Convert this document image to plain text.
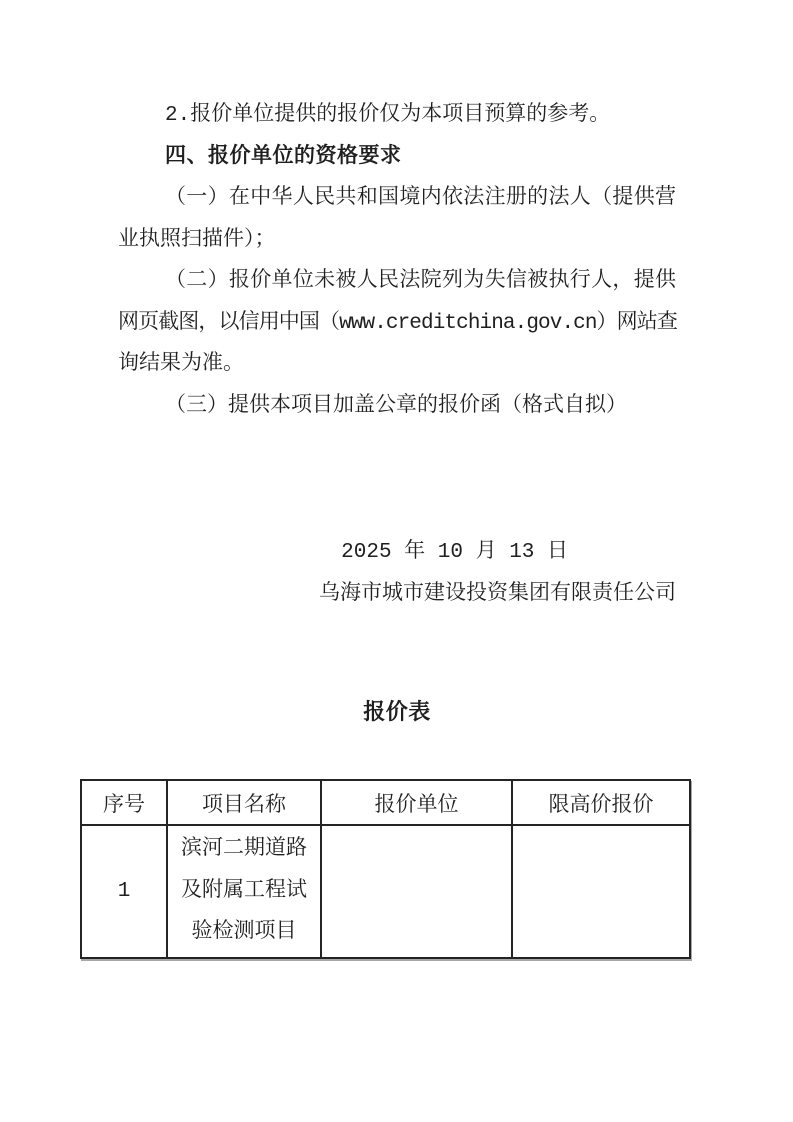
2.报价单位提供的报价仅为本项目预算的参考。
四、报价单位的资格要求
（一）在中华人民共和国境内依法注册的法人（提供营
业执照扫描件）；
（二）报价单位未被人民法院列为失信被执行人，提供
网页截图，以信用中国（www.creditchina.gov.cn）网站查
询结果为准。
（三）提供本项目加盖公章的报价函（格式自拟）
2025 年 10 月 13 日
乌海市城市建设投资集团有限责任公司
报价表
序号	项目名称	报价单位	限高价报价
1	滨河二期道路
及附属工程试
验检测项目		
